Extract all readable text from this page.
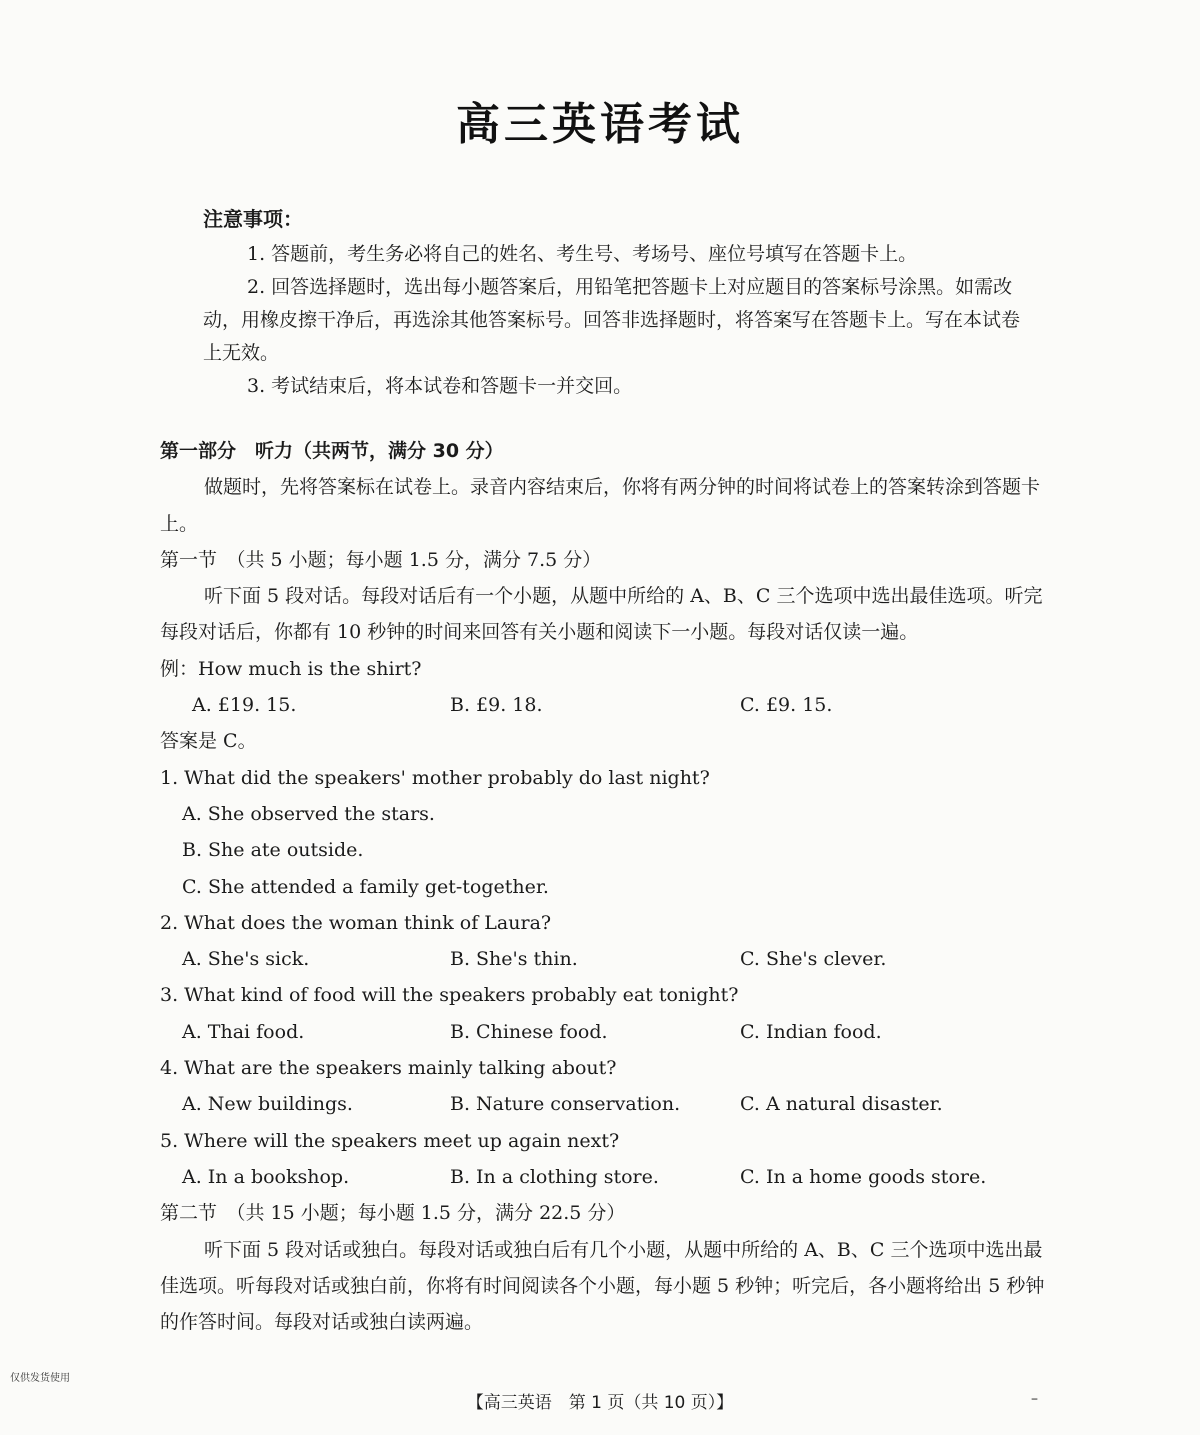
高三英语考试
注意事项：
1. 答题前，考生务必将自己的姓名、考生号、考场号、座位号填写在答题卡上。
2. 回答选择题时，选出每小题答案后，用铅笔把答题卡上对应题目的答案标号涂黑。如需改动，用橡皮擦干净后，再选涂其他答案标号。回答非选择题时，将答案写在答题卡上。写在本试卷上无效。
3. 考试结束后，将本试卷和答题卡一并交回。
第一部分　听力（共两节，满分 30 分）
做题时，先将答案标在试卷上。录音内容结束后，你将有两分钟的时间将试卷上的答案转涂到答题卡上。
第一节　（共 5 小题；每小题 1.5 分，满分 7.5 分）
听下面 5 段对话。每段对话后有一个小题，从题中所给的 A、B、C 三个选项中选出最佳选项。听完每段对话后，你都有 10 秒钟的时间来回答有关小题和阅读下一小题。每段对话仅读一遍。
例：How much is the shirt?
A. £19. 15.	B. £9. 18.	C. £9. 15.
答案是 C。
1. What did the speakers' mother probably do last night?
A. She observed the stars.
B. She ate outside.
C. She attended a family get-together.
2. What does the woman think of Laura?
A. She's sick.	B. She's thin.	C. She's clever.
3. What kind of food will the speakers probably eat tonight?
A. Thai food.	B. Chinese food.	C. Indian food.
4. What are the speakers mainly talking about?
A. New buildings.	B. Nature conservation.	C. A natural disaster.
5. Where will the speakers meet up again next?
A. In a bookshop.	B. In a clothing store.	C. In a home goods store.
第二节　（共 15 小题；每小题 1.5 分，满分 22.5 分）
听下面 5 段对话或独白。每段对话或独白后有几个小题，从题中所给的 A、B、C 三个选项中选出最佳选项。听每段对话或独白前，你将有时间阅读各个小题，每小题 5 秒钟；听完后，各小题将给出 5 秒钟的作答时间。每段对话或独白读两遍。
仅供发货使用
【高三英语　第 1 页（共 10 页）】	–
